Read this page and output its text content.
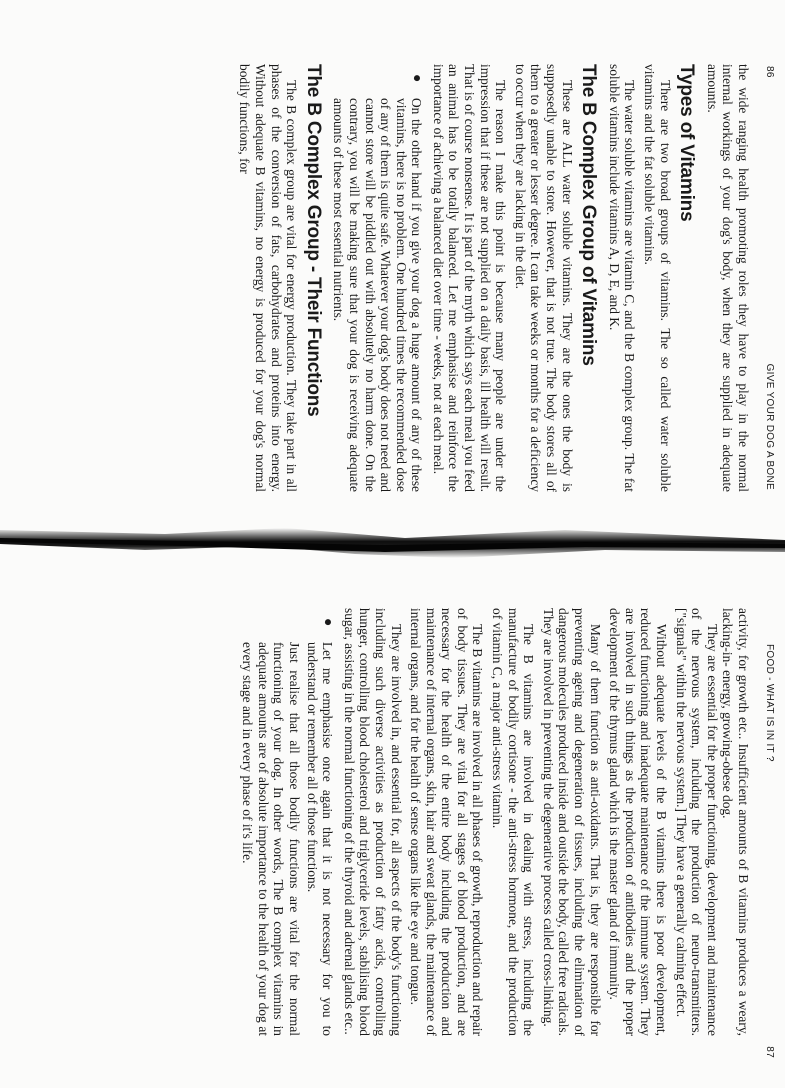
86
GIVE YOUR DOG A BONE

the wide ranging health promoting roles they have to play in the normal internal workings of your dog's body, when they are supplied in adequate amounts.

Types of Vitamins

There are two broad groups of vitamins. The so called water soluble vitamins and the fat soluble vitamins.

The water soluble vitamins are vitamin C, and the B complex group. The fat soluble vitamins include vitamins A, D, E, and K.

The B Complex Group of Vitamins

These are ALL water soluble vitamins. They are the ones the body is supposedly unable to store. However, that is not true. The body stores all of them to a greater or lesser degree. It can take weeks or months for a deficiency to occur when they are lacking in the diet.

The reason I make this point is because many people are under the impression that if these are not supplied on a daily basis, ill health will result. That is of course nonsense. It is part of the myth which says each meal you feed an animal has to be totally balanced. Let me emphasise and reinforce the importance of achieving a balanced diet over time - weeks, not at each meal.

●

On the other hand if you give your dog a huge amount of any of these vitamins, there is no problem. One hundred times the recommended dose of any of them is quite safe. Whatever your dog's body does not need and cannot store will be piddled out with absolutely no harm done. On the contrary, you will be making sure that your dog is receiving adequate amounts of these most essential nutrients.

The B Complex Group - Their Functions

The B complex group are vital for energy production. They take part in all phases of the conversion of fats, carbohydrates and proteins into energy. Without adequate B vitamins, no energy is produced for your dog's normal bodily functions, for

FOOD - WHAT IS IN IT ?
87

activity, for growth etc.. Insufficient amounts of B vitamins produces a weary, lacking-in- energy, growing-obese dog.

They are essential for the proper functioning, development and maintenance of the nervous system, including the production of neuro-transmitters. ["signals" within the nervous system.] They have a generally calming effect.

Without adequate levels of the B vitamins there is poor development, reduced functioning and inadequate maintenance of the immune system. They are involved in such things as the production of antibodies and the proper development of the thymus gland which is the master gland of immunity.

Many of them function as anti-oxidants. That is, they are responsible for preventing ageing and degeneration of tissues, including the elimination of dangerous molecules produced inside and outside the body, called free radicals. They are involved in preventing the degenerative process called cross-linking.

The B vitamins are involved in dealing with stress, including the manufacture of bodily cortisone - the anti-stress hormone, and the production of vitamin C, a major anti-stress vitamin.

The B vitamins are involved in all phases of growth, reproduction and repair of body tissues. They are vital for all stages of blood production, and are necessary for the health of the entire body including the production and maintenance of internal organs, skin, hair and sweat glands, the maintenance of internal organs, and for the health of sense organs like the eye and tongue.

They are involved in, and essential for, all aspects of the body's functioning including such diverse activities as production of fatty acids, controlling hunger, controlling blood cholesterol and triglyceride levels, stabilising blood sugar, assisting in the normal functioning of the thyroid and adrenal glands etc..

●

Let me emphasise once again that it is not necessary for you to understand or remember all of those functions.

Just realise that all those bodily functions are vital for the normal functioning of your dog. In other words, The B complex vitamins in adequate amounts are of absolute importance to the health of your dog at every stage and in every phase of it's life.
